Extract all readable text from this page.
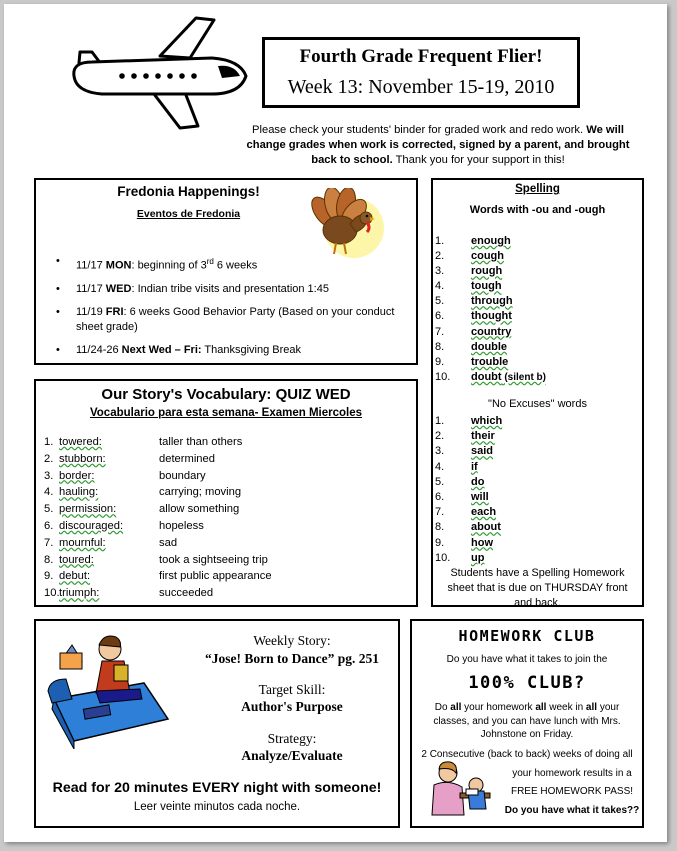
Fourth Grade Frequent Flier!
Week 13: November 15-19, 2010
Please check your students' binder for graded work and redo work. We will change grades when work is corrected, signed by a parent, and brought back to school. Thank you for your support in this!
Fredonia Happenings!
Eventos de Fredonia
• 11/17 MON: beginning of 3rd 6 weeks
• 11/17 WED: Indian tribe visits and presentation 1:45
• 11/19 FRI: 6 weeks Good Behavior Party (Based on your conduct sheet grade)
• 11/24-26 Next Wed – Fri: Thanksgiving Break
Our Story's Vocabulary: QUIZ WED
Vocabulario para esta semana- Examen Miercoles
1. towered:	taller than others
2. stubborn:	determined
3. border:	boundary
4. hauling:	carrying; moving
5. permission:	allow something
6. discouraged:	hopeless
7. mournful:	sad
8. toured:	took a sightseeing trip
9. debut:	first public appearance
10. triumph:	succeeded
Spelling
Words with -ou and -ough
1. enough
2. cough
3. rough
4. tough
5. through
6. thought
7. country
8. double
9. trouble
10. doubt (silent b)
"No Excuses" words
1. which
2. their
3. said
4. if
5. do
6. will
7. each
8. about
9. how
10. up
Students have a Spelling Homework
sheet that is due on THURSDAY front and back.
Weekly Story:
“Jose! Born to Dance” pg. 251
Target Skill:
Author's Purpose
Strategy:
Analyze/Evaluate
Read for 20 minutes EVERY night with someone!
Leer veinte minutos cada noche.
HOMEWORK CLUB
Do you have what it takes to join the
100% CLUB?
Do all your homework all week in all your classes, and you can have lunch with Mrs. Johnstone on Friday.
2 Consecutive (back to back) weeks of doing all
your homework results in a
FREE HOMEWORK PASS!
Do you have what it takes??
